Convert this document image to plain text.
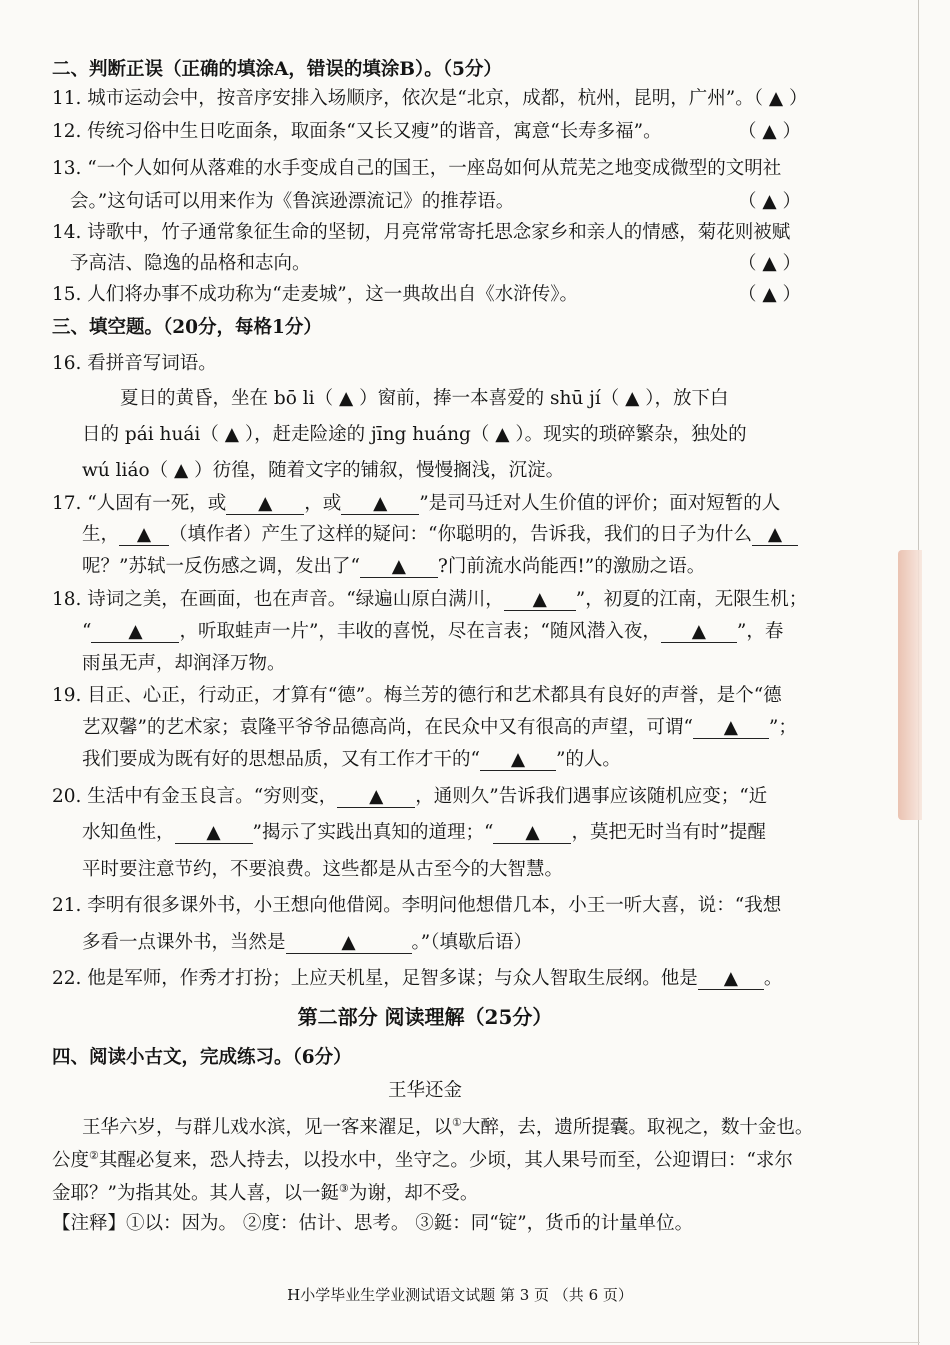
二、判断正误（正确的填涂A，错误的填涂B）。（5分）
11. 城市运动会中，按音序安排入场顺序，依次是“北京，成都，杭州，昆明，广州”。（ ▲ ）
12. 传统习俗中生日吃面条，取面条“又长又瘦”的谐音，寓意“长寿多福”。	（ ▲ ）
13. “一个人如何从落难的水手变成自己的国王，一座岛如何从荒芜之地变成微型的文明社
会。”这句话可以用来作为《鲁滨逊漂流记》的推荐语。	（ ▲ ）
14. 诗歌中，竹子通常象征生命的坚韧，月亮常常寄托思念家乡和亲人的情感，菊花则被赋
予高洁、隐逸的品格和志向。	（ ▲ ）
15. 人们将办事不成功称为“走麦城”，这一典故出自《水浒传》。	（ ▲ ）
三、填空题。（20分，每格1分）
16. 看拼音写词语。
夏日的黄昏，坐在 bō li（ ▲ ）窗前，捧一本喜爱的 shū jí（ ▲ ），放下白
日的 pái huái（ ▲ ），赶走险途的 jīng huáng（ ▲ ）。现实的琐碎繁杂，独处的
wú liáo（ ▲ ）彷徨，随着文字的铺叙，慢慢搁浅，沉淀。
17. “人固有一死，或 ▲ ，或 ▲ ”是司马迁对人生价值的评价；面对短暂的人
生， ▲ （填作者）产生了这样的疑问：“你聪明的，告诉我，我们的日子为什么 ▲
呢？”苏轼一反伤感之调，发出了“ ▲ ?门前流水尚能西!”的激励之语。
18. 诗词之美，在画面，也在声音。“绿遍山原白满川， ▲ ”，初夏的江南，无限生机；
“ ▲ ，听取蛙声一片”，丰收的喜悦，尽在言表；“随风潜入夜， ▲ ”，春
雨虽无声，却润泽万物。
19. 目正、心正，行动正，才算有“德”。梅兰芳的德行和艺术都具有良好的声誉，是个“德
艺双馨”的艺术家；袁隆平爷爷品德高尚，在民众中又有很高的声望，可谓“ ▲ ”；
我们要成为既有好的思想品质，又有工作才干的“ ▲ ”的人。
20. 生活中有金玉良言。“穷则变， ▲ ，通则久”告诉我们遇事应该随机应变；“近
水知鱼性， ▲ ”揭示了实践出真知的道理；“ ▲ ，莫把无时当有时”提醒
平时要注意节约，不要浪费。这些都是从古至今的大智慧。
21. 李明有很多课外书，小王想向他借阅。李明问他想借几本，小王一听大喜，说：“我想
多看一点课外书，当然是	▲	。”（填歇后语）
22. 他是军师，作秀才打扮；上应天机星，足智多谋；与众人智取生辰纲。他是 ▲ 。
第二部分 阅读理解（25分）
四、阅读小古文，完成练习。（6分）
王华还金
王华六岁，与群儿戏水滨，见一客来濯足，以①大醉，去，遗所提囊。取视之，数十金也。
公度②其醒必复来，恐人持去，以投水中，坐守之。少顷，其人果号而至，公迎谓曰：“求尔
金耶？”为指其处。其人喜，以一鋌③为谢，却不受。
【注释】①以：因为。 ②度：估计、思考。 ③鋌：同“锭”，货币的计量单位。
H小学毕业生学业测试语文试题 第 3 页 （共 6 页）
